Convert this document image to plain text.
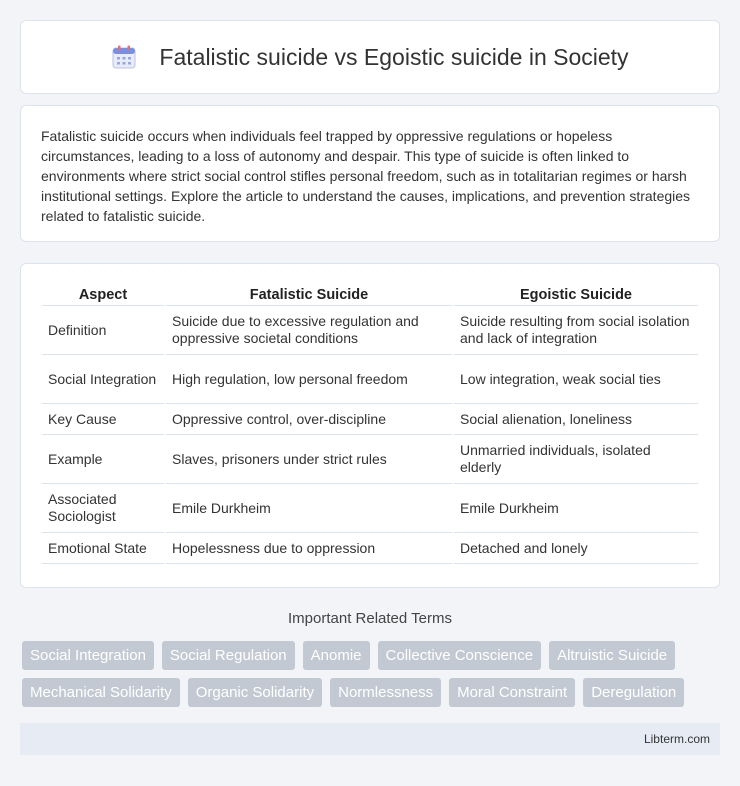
Fatalistic suicide vs Egoistic suicide in Society

Fatalistic suicide occurs when individuals feel trapped by oppressive regulations or hopeless circumstances, leading to a loss of autonomy and despair. This type of suicide is often linked to environments where strict social control stifles personal freedom, such as in totalitarian regimes or harsh institutional settings. Explore the article to understand the causes, implications, and prevention strategies related to fatalistic suicide.

Aspect	Fatalistic Suicide	Egoistic Suicide
Definition	Suicide due to excessive regulation and oppressive societal conditions	Suicide resulting from social isolation and lack of integration
Social Integration	High regulation, low personal freedom	Low integration, weak social ties
Key Cause	Oppressive control, over-discipline	Social alienation, loneliness
Example	Slaves, prisoners under strict rules	Unmarried individuals, isolated elderly
Associated Sociologist	Emile Durkheim	Emile Durkheim
Emotional State	Hopelessness due to oppression	Detached and lonely
Important Related Terms
Social Integration	Social Regulation	Anomie	Collective Conscience	Altruistic Suicide
Mechanical Solidarity	Organic Solidarity	Normlessness	Moral Constraint	Deregulation
Libterm.com
